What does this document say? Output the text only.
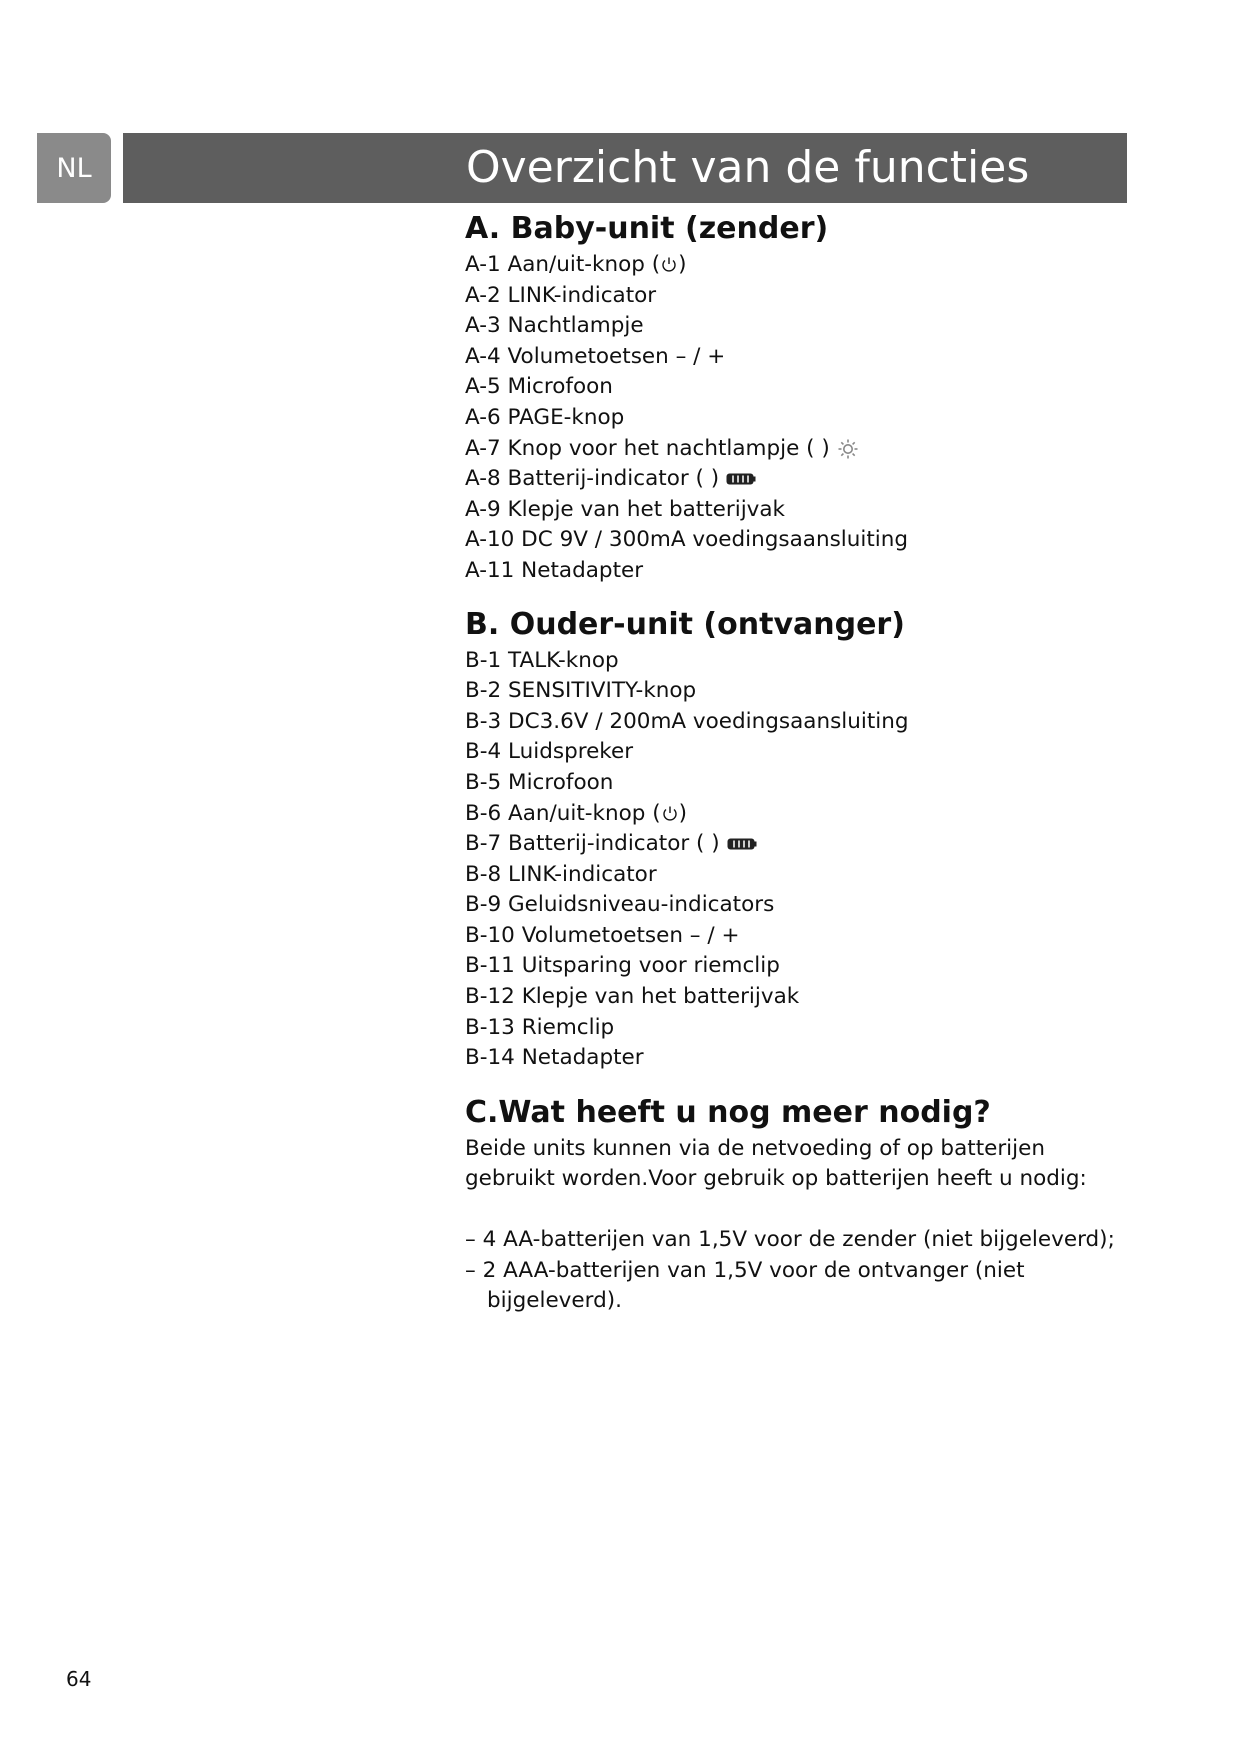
NL	Overzicht van de functies
A. Baby-unit (zender)
A-1 Aan/uit-knop ( )
A-2 LINK-indicator
A-3 Nachtlampje
A-4 Volumetoetsen – / +
A-5 Microfoon
A-6 PAGE-knop
A-7 Knop voor het nachtlampje ( )
A-8 Batterij-indicator ( )
A-9 Klepje van het batterijvak
A-10 DC 9V / 300mA voedingsaansluiting
A-11 Netadapter
B. Ouder-unit (ontvanger)
B-1 TALK-knop
B-2 SENSITIVITY-knop
B-3 DC3.6V / 200mA voedingsaansluiting
B-4 Luidspreker
B-5 Microfoon
B-6 Aan/uit-knop ( )
B-7 Batterij-indicator ( )
B-8 LINK-indicator
B-9 Geluidsniveau-indicators
B-10 Volumetoetsen – / +
B-11 Uitsparing voor riemclip
B-12 Klepje van het batterijvak
B-13 Riemclip
B-14 Netadapter
C.Wat heeft u nog meer nodig?

Beide units kunnen via de netvoeding of op batterijen gebruikt worden.Voor gebruik op batterijen heeft u nodig:

– 4 AA-batterijen van 1,5V voor de zender (niet bijgeleverd);
– 2 AAA-batterijen van 1,5V voor de ontvanger (niet bijgeleverd).
64
